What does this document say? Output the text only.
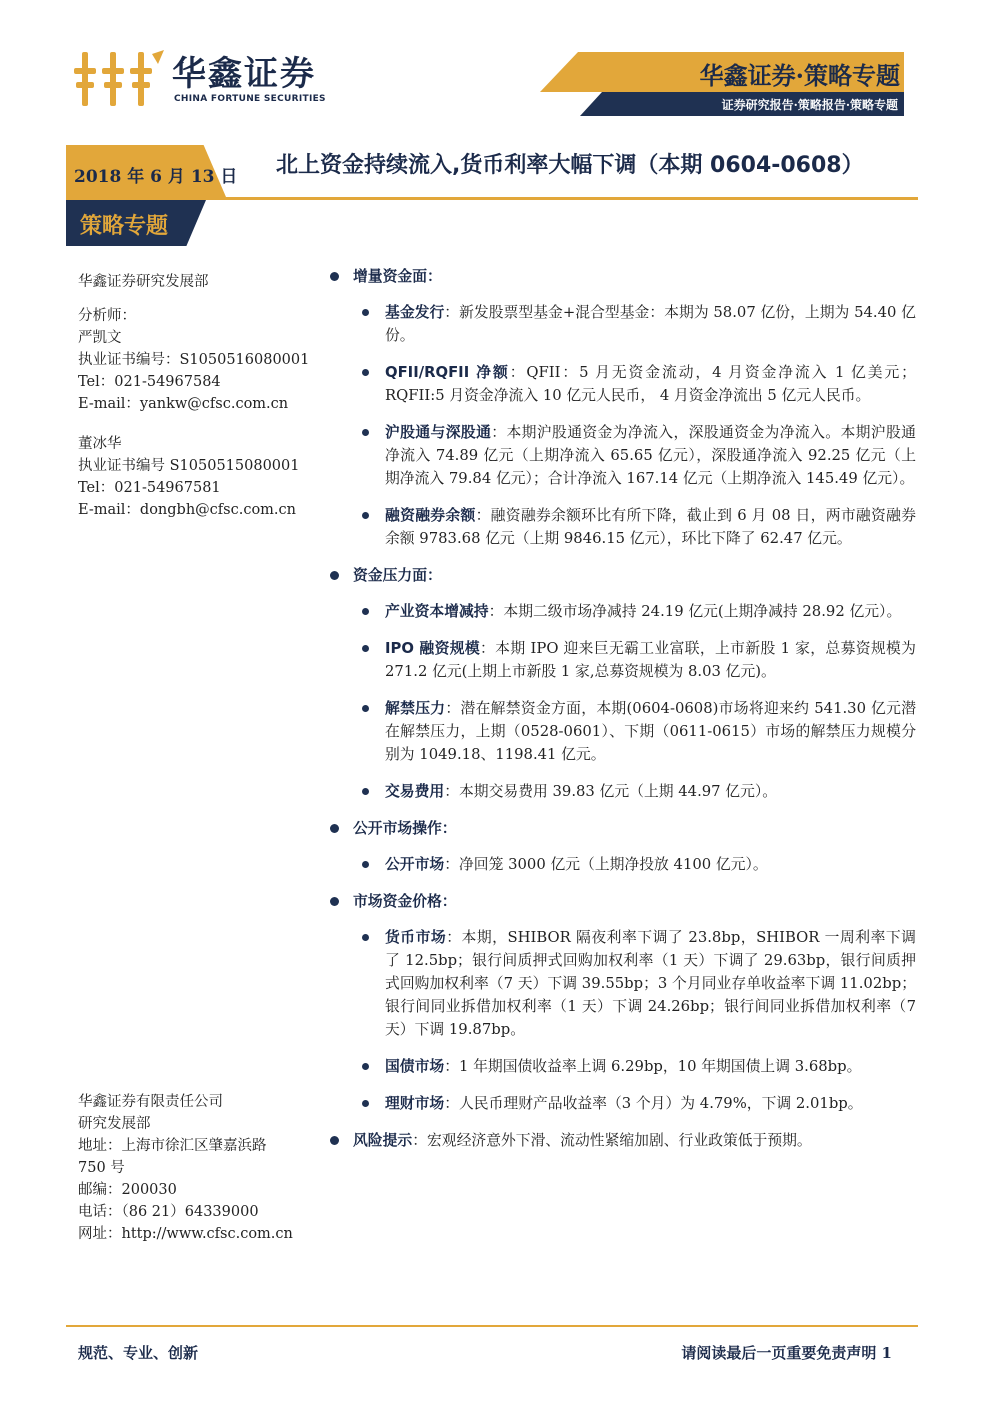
华鑫证券
CHINA FORTUNE SECURITIES
华鑫证券·策略专题
证券研究报告·策略报告·策略专题
2018 年 6 月 13 日 北上资金持续流入,货币利率大幅下调（本期 0604-0608）
策略专题
华鑫证券研究发展部
分析师：
严凯文
执业证书编号：S1050516080001
Tel：021-54967584
E-mail：yankw@cfsc.com.cn
董冰华
执业证书编号 S1050515080001
Tel：021-54967581
E-mail：dongbh@cfsc.com.cn
华鑫证券有限责任公司
研究发展部
地址：上海市徐汇区肇嘉浜路
750 号
邮编：200030
电话：（86 21）64339000
网址：http://www.cfsc.com.cn
增量资金面：
基金发行：新发股票型基金+混合型基金：本期为 58.07 亿份，上期为 54.40 亿份。
QFII/RQFII 净额：QFII：5 月无资金流动，4 月资金净流入 1 亿美元；RQFII:5 月资金净流入 10 亿元人民币， 4 月资金净流出 5 亿元人民币。
沪股通与深股通：本期沪股通资金为净流入，深股通资金为净流入。本期沪股通净流入 74.89 亿元（上期净流入 65.65 亿元），深股通净流入 92.25 亿元（上期净流入 79.84 亿元）；合计净流入 167.14 亿元（上期净流入 145.49 亿元）。
融资融券余额：融资融券余额环比有所下降，截止到 6 月 08 日，两市融资融券余额 9783.68 亿元（上期 9846.15 亿元），环比下降了 62.47 亿元。
资金压力面：
产业资本增减持：本期二级市场净减持 24.19 亿元(上期净减持 28.92 亿元）。
IPO 融资规模：本期 IPO 迎来巨无霸工业富联，上市新股 1 家，总募资规模为 271.2 亿元(上期上市新股 1 家,总募资规模为 8.03 亿元)。
解禁压力：潜在解禁资金方面，本期(0604-0608)市场将迎来约 541.30 亿元潜在解禁压力，上期（0528-0601）、下期（0611-0615）市场的解禁压力规模分别为 1049.18、1198.41 亿元。
交易费用：本期交易费用 39.83 亿元（上期 44.97 亿元）。
公开市场操作：
公开市场：净回笼 3000 亿元（上期净投放 4100 亿元）。
市场资金价格：
货币市场：本期，SHIBOR 隔夜利率下调了 23.8bp，SHIBOR 一周利率下调了 12.5bp；银行间质押式回购加权利率（1 天）下调了 29.63bp，银行间质押式回购加权利率（7 天）下调 39.55bp；3 个月同业存单收益率下调 11.02bp；银行间同业拆借加权利率（1 天）下调 24.26bp；银行间同业拆借加权利率（7 天）下调 19.87bp。
国债市场：1 年期国债收益率上调 6.29bp，10 年期国债上调 3.68bp。
理财市场：人民币理财产品收益率（3 个月）为 4.79%，下调 2.01bp。
风险提示：宏观经济意外下滑、流动性紧缩加剧、行业政策低于预期。
规范、专业、创新	请阅读最后一页重要免责声明 1
